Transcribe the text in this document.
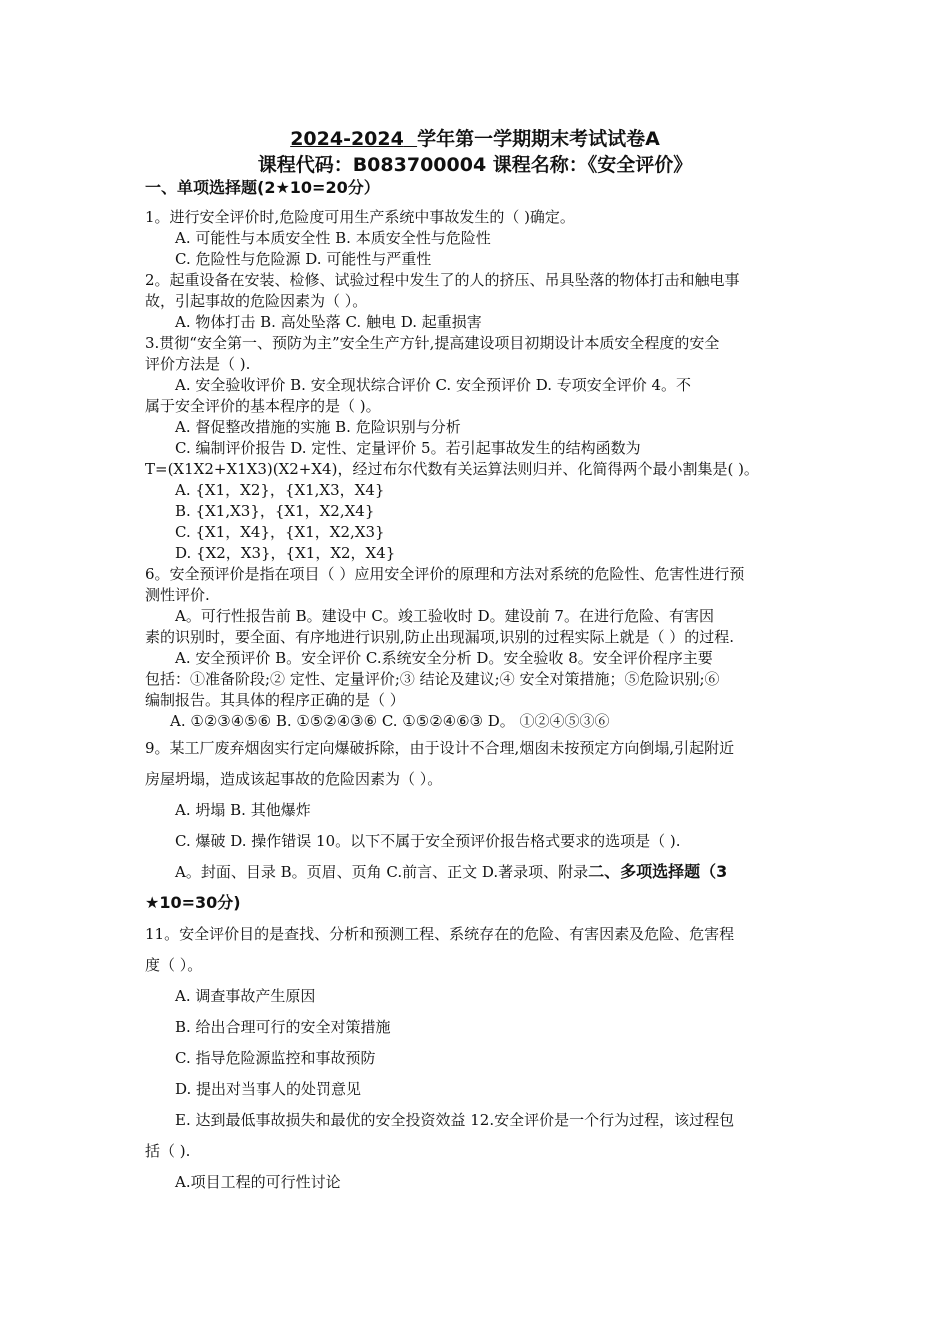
2024-2024 学年第一学期期末考试试卷A
课程代码：B083700004 课程名称：《安全评价》
一、单项选择题(2★10=20分）
1。进行安全评价时,危险度可用生产系统中事故发生的（ )确定。
A. 可能性与本质安全性 B. 本质安全性与危险性
C. 危险性与危险源 D. 可能性与严重性
2。起重设备在安装、检修、试验过程中发生了的人的挤压、吊具坠落的物体打击和触电事
故，引起事故的危险因素为（ ）。
A. 物体打击 B. 高处坠落 C. 触电 D. 起重损害
3.贯彻“安全第一、预防为主”安全生产方针,提高建设项目初期设计本质安全程度的安全
评价方法是（ ).
A. 安全验收评价 B. 安全现状综合评价 C. 安全预评价 D. 专项安全评价 4。不
属于安全评价的基本程序的是（ )。
A. 督促整改措施的实施 B. 危险识别与分析
C. 编制评价报告 D. 定性、定量评价 5。若引起事故发生的结构函数为
T=(X1X2+X1X3)(X2+X4)，经过布尔代数有关运算法则归并、化简得两个最小割集是( )。
A. {X1，X2}，{X1,X3，X4}
B. {X1,X3}，{X1，X2,X4}
C. {X1，X4}，{X1，X2,X3}
D. {X2，X3}，{X1，X2，X4}
6。安全预评价是指在项目（ ）应用安全评价的原理和方法对系统的危险性、危害性进行预
测性评价.
A。可行性报告前 B。建设中 C。竣工验收时 D。建设前 7。在进行危险、有害因
素的识别时，要全面、有序地进行识别,防止出现漏项,识别的过程实际上就是（ ）的过程.
A. 安全预评价 B。安全评价 C.系统安全分析 D。安全验收 8。安全评价程序主要
包括：①准备阶段;② 定性、定量评价;③ 结论及建议;④ 安全对策措施；⑤危险识别;⑥
编制报告。其具体的程序正确的是（ ）
A. ①②③④⑤⑥ B. ①⑤②④③⑥ C. ①⑤②④⑥③ D。 ①②④⑤③⑥
9。某工厂废弃烟囱实行定向爆破拆除，由于设计不合理,烟囱未按预定方向倒塌,引起附近
房屋坍塌，造成该起事故的危险因素为（ ）。
A. 坍塌 B. 其他爆炸
C. 爆破 D. 操作错误 10。以下不属于安全预评价报告格式要求的选项是（ ).
A。封面、目录 B。页眉、页角 C.前言、正文 D.著录项、附录二、多项选择题（3
★10=30分)
11。安全评价目的是查找、分析和预测工程、系统存在的危险、有害因素及危险、危害程
度（ ）。
A. 调查事故产生原因
B. 给出合理可行的安全对策措施
C. 指导危险源监控和事故预防
D. 提出对当事人的处罚意见
E. 达到最低事故损失和最优的安全投资效益 12.安全评价是一个行为过程，该过程包
括（ ).
A.项目工程的可行性讨论
